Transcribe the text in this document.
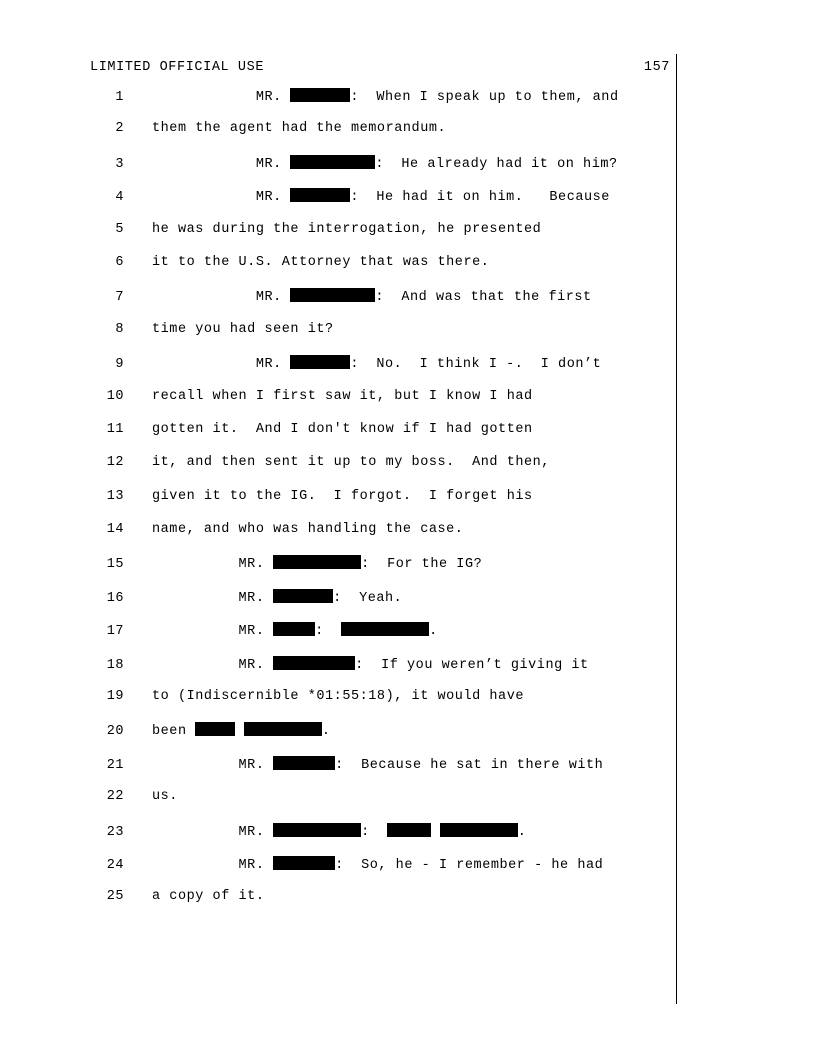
LIMITED OFFICIAL USE	157
1	MR.	:  When I speak up to them, and
2	them the agent had the memorandum.
3	MR.	:  He already had it on him?
4	MR.	:  He had it on him.   Because
5	he was during the interrogation, he presented
6	it to the U.S. Attorney that was there.
7	MR.	:  And was that the first
8	time you had seen it?
9	MR.	:  No.  I think I -.  I don’t
10	recall when I first saw it, but I know I had
11	gotten it.  And I don't know if I had gotten
12	it, and then sent it up to my boss.  And then,
13	given it to the IG.  I forgot.  I forget his
14	name, and who was handling the case.
15	MR.	:  For the IG?
16	MR.	:  Yeah.
17	MR.	:	.
18	MR.	:  If you weren’t giving it
19	to (Indiscernible *01:55:18), it would have
20	been	.
21	MR.	:  Because he sat in there with
22	us.
23	MR.	:	.
24	MR.	:  So, he - I remember - he had
25	a copy of it.
